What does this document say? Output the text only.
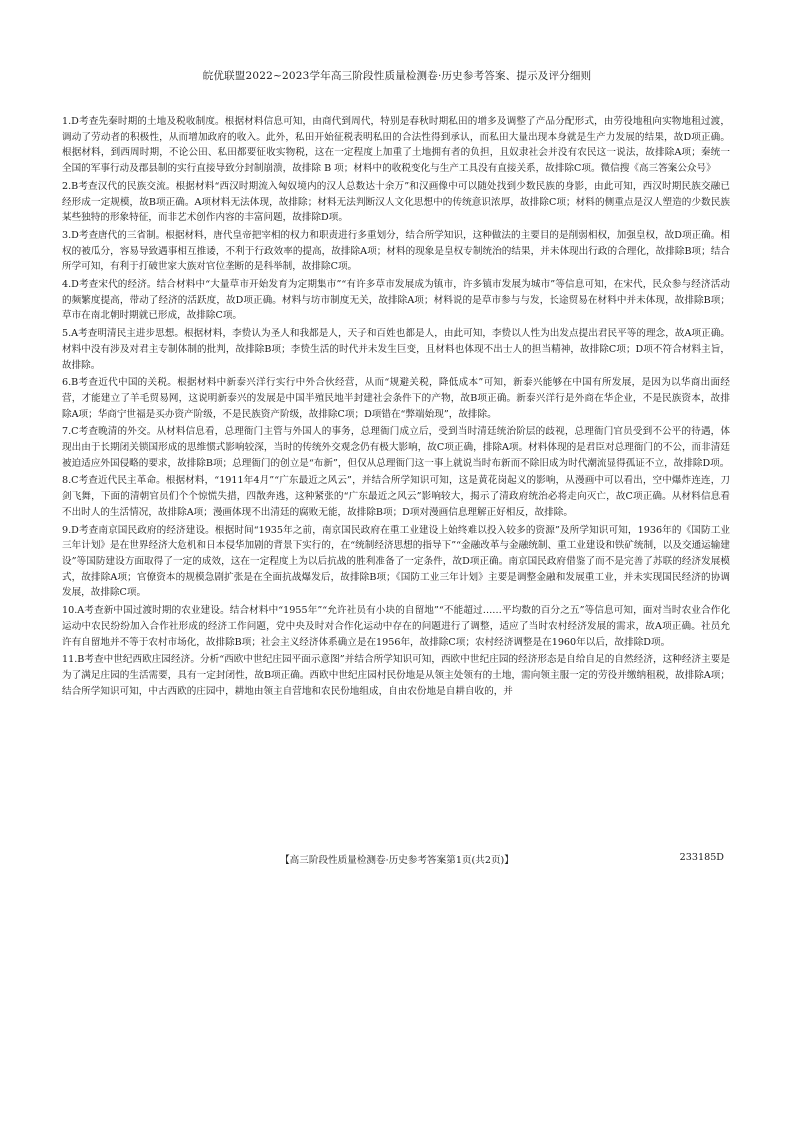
皖优联盟2022~2023学年高三阶段性质量检测卷·历史参考答案、提示及评分细则

1.D考查先秦时期的土地及税收制度。根据材料信息可知，由商代到周代，特别是春秋时期私田的增多及调整了产品分配形式，由劳役地租向实物地租过渡，调动了劳动者的积极性，从而增加政府的收入。此外，私田开始征税表明私田的合法性得到承认，而私田大量出现本身就是生产力发展的结果，故D项正确。根据材料，到西周时期，不论公田、私田都要征收实物税，这在一定程度上加重了土地拥有者的负担，且奴隶社会并没有农民这一说法，故排除A项；秦统一全国的军事行动及郡县制的实行直接导致分封制崩溃，故排除 B 项；材料中的收税变化与生产工具没有直接关系，故排除C项。微信搜《高三答案公众号》

2.B考查汉代的民族交流。根据材料“西汉时期流入匈奴境内的汉人总数达十余万”和汉画像中可以随处找到少数民族的身影，由此可知，西汉时期民族交融已经形成一定规模，故B项正确。A项材料无法体现，故排除；材料无法判断汉人文化思想中的传统意识浓厚，故排除C项；材料的侧重点是汉人塑造的少数民族某些独特的形象特征，而非艺术创作内容的丰富问题，故排除D项。

3.D考查唐代的三省制。根据材料，唐代皇帝把宰相的权力和职责进行多重划分，结合所学知识，这种做法的主要目的是削弱相权，加强皇权，故D项正确。相权的被瓜分，容易导致遇事相互推诿，不利于行政效率的提高，故排除A项；材料的现象是皇权专制统治的结果，并未体现出行政的合理化，故排除B项；结合所学可知，有利于打破世家大族对官位垄断的是科举制，故排除C项。

4.D考查宋代的经济。结合材料中“大量草市开始发育为定期集市”“有许多草市发展成为镇市，许多镇市发展为城市”等信息可知，在宋代，民众参与经济活动的频繁度提高，带动了经济的活跃度，故D项正确。材料与坊市制度无关，故排除A项；材料说的是草市参与与发，长途贸易在材料中并未体现，故排除B项；草市在南北朝时期就已形成，故排除C项。

5.A考查明清民主进步思想。根据材料，李贽认为圣人和我都是人，天子和百姓也都是人，由此可知，李贽以人性为出发点提出君民平等的理念，故A项正确。材料中没有涉及对君主专制体制的批判，故排除B项；李贽生活的时代并未发生巨变，且材料也体现不出士人的担当精神，故排除C项；D项不符合材料主旨，故排除。

6.B考查近代中国的关税。根据材料中新泰兴洋行实行中外合伙经营，从而“规避关税，降低成本”可知，新泰兴能够在中国有所发展，是因为以华商出面经营，才能建立了羊毛贸易网，这说明新泰兴的发展是中国半殖民地半封建社会条件下的产物，故B项正确。新泰兴洋行是外商在华企业，不是民族资本，故排除A项；华商宁世福是买办资产阶级，不是民族资产阶级，故排除C项；D项错在“弊端始现”，故排除。

7.C考查晚清的外交。从材料信息看，总理衙门主管与外国人的事务，总理衙门成立后，受到当时清廷统治阶层的歧视，总理衙门官员受到不公平的待遇，体现出由于长期闭关锁国形成的思维惯式影响较深，当时的传统外交观念仍有极大影响，故C项正确，排除A项。材料体现的是君臣对总理衙门的不公，而非清廷被迫适应外国侵略的要求，故排除B项；总理衙门的创立是“布新”，但仅从总理衙门这一事上就说当时布新而不除旧成为时代潮流显得孤证不立，故排除D项。

8.C考查近代民主革命。根据材料，“1911年4月”“广东最近之风云”，并结合所学知识可知，这是黄花岗起义的影响，从漫画中可以看出，空中爆炸连连，刀剑飞舞，下面的清朝官员们个个惊慌失措，四散奔逃，这种紧张的“广东最近之风云”影响较大，揭示了清政府统治必将走向灭亡，故C项正确。从材料信息看不出时人的生活情况，故排除A项；漫画体现不出清廷的腐败无能，故排除B项；D项对漫画信息理解正好相反，故排除。

9.D考查南京国民政府的经济建设。根据时间“1935年之前，南京国民政府在重工业建设上始终难以投入较多的资源”及所学知识可知，1936年的《国防工业三年计划》是在世界经济大危机和日本侵华加剧的背景下实行的，在“统制经济思想的指导下”“金融改革与金融统制、重工业建设和铁矿统制，以及交通运输建设”等国防建设方面取得了一定的成效，这在一定程度上为以后抗战的胜利准备了一定条件，故D项正确。南京国民政府借鉴了而不是完善了苏联的经济发展模式，故排除A项；官僚资本的规模急剧扩张是在全面抗战爆发后，故排除B项；《国防工业三年计划》主要是调整金融和发展重工业，并未实现国民经济的协调发展，故排除C项。

10.A考查新中国过渡时期的农业建设。结合材料中“1955年”“允许社员有小块的自留地”“不能超过……平均数的百分之五”等信息可知，面对当时农业合作化运动中农民纷纷加入合作社形成的经济工作问题，党中央及时对合作化运动中存在的问题进行了调整，适应了当时农村经济发展的需求，故A项正确。社员允许有自留地并不等于农村市场化，故排除B项；社会主义经济体系确立是在1956年，故排除C项；农村经济调整是在1960年以后，故排除D项。

11.B考查中世纪西欧庄园经济。分析“西欧中世纪庄园平面示意图”并结合所学知识可知，西欧中世纪庄园的经济形态是自给自足的自然经济，这种经济主要是为了满足庄园的生活需要，具有一定封闭性，故B项正确。西欧中世纪庄园村民份地是从领主处领有的土地，需向领主服一定的劳役并缴纳租税，故排除A项；结合所学知识可知，中古西欧的庄园中，耕地由领主自营地和农民份地组成，自由农份地是自耕自收的，并

【高三阶段性质量检测卷·历史参考答案第1页(共2页)】	233185D
